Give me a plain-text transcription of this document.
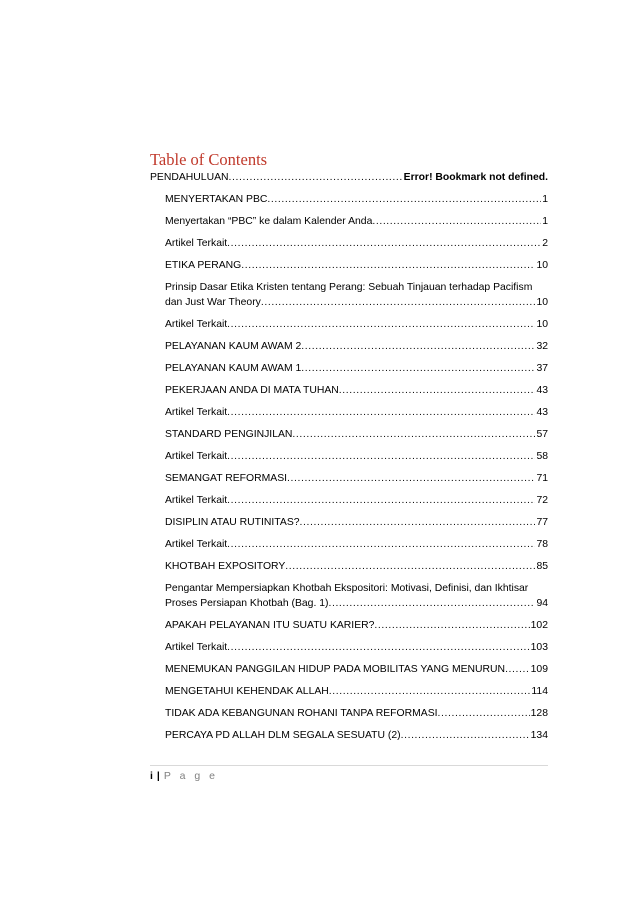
Table of Contents
PENDAHULUAN .....	Error! Bookmark not defined.
MENYERTAKAN PBC .....	1
Menyertakan “PBC” ke dalam Kalender Anda .....	1
Artikel Terkait .....	2
ETIKA PERANG .....	10
Prinsip Dasar Etika Kristen tentang Perang: Sebuah Tinjauan terhadap Pacifism
dan Just War Theory .....	10
Artikel Terkait .....	10
PELAYANAN KAUM AWAM 2 .....	32
PELAYANAN KAUM AWAM 1 .....	37
PEKERJAAN ANDA DI MATA TUHAN .....	43
Artikel Terkait .....	43
STANDARD PENGINJILAN .....	57
Artikel Terkait .....	58
SEMANGAT REFORMASI .....	71
Artikel Terkait .....	72
DISIPLIN ATAU RUTINITAS? .....	77
Artikel Terkait .....	78
KHOTBAH EXPOSITORY .....	85
Pengantar Mempersiapkan Khotbah Ekspositori: Motivasi, Definisi, dan Ikhtisar
Proses Persiapan Khotbah (Bag. 1) .....	94
APAKAH PELAYANAN ITU SUATU KARIER? .....	102
Artikel Terkait .....	103
MENEMUKAN PANGGILAN HIDUP PADA MOBILITAS YANG MENURUN ..... 109
MENGETAHUI KEHENDAK ALLAH .....	114
TIDAK ADA KEBANGUNAN ROHANI TANPA REFORMASI .....	128
PERCAYA PD ALLAH DLM SEGALA SESUATU (2) .....	134
i | P a g e
